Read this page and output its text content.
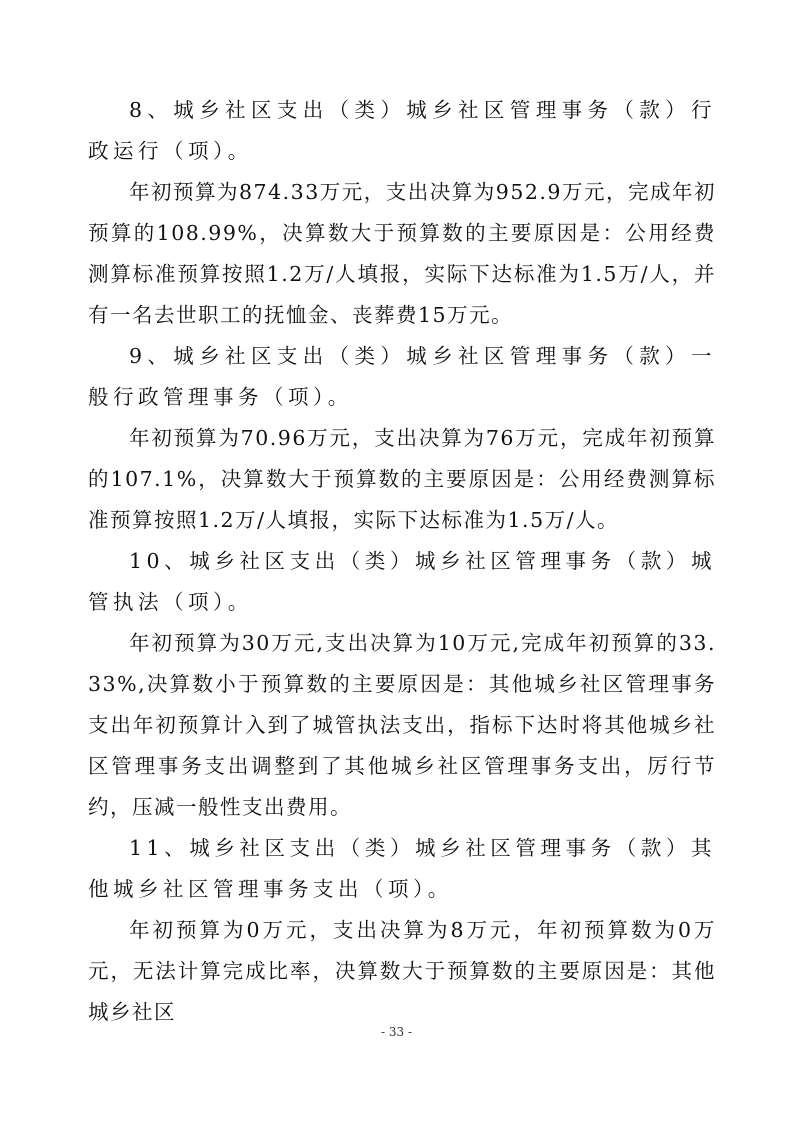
8、城乡社区支出（类）城乡社区管理事务（款）行政运行（项）。

年初预算为874.33万元，支出决算为952.9万元，完成年初预算的108.99%，决算数大于预算数的主要原因是：公用经费测算标准预算按照1.2万/人填报，实际下达标准为1.5万/人，并有一名去世职工的抚恤金、丧葬费15万元。

9、城乡社区支出（类）城乡社区管理事务（款）一般行政管理事务（项）。

年初预算为70.96万元，支出决算为76万元，完成年初预算的107.1%，决算数大于预算数的主要原因是：公用经费测算标准预算按照1.2万/人填报，实际下达标准为1.5万/人。

10、城乡社区支出（类）城乡社区管理事务（款）城管执法（项）。

年初预算为30万元,支出决算为10万元,完成年初预算的33.33%,决算数小于预算数的主要原因是：其他城乡社区管理事务支出年初预算计入到了城管执法支出，指标下达时将其他城乡社区管理事务支出调整到了其他城乡社区管理事务支出，厉行节约，压减一般性支出费用。

11、城乡社区支出（类）城乡社区管理事务（款）其他城乡社区管理事务支出（项）。

年初预算为0万元，支出决算为8万元，年初预算数为0万元，无法计算完成比率，决算数大于预算数的主要原因是：其他城乡社区

- 33 -
